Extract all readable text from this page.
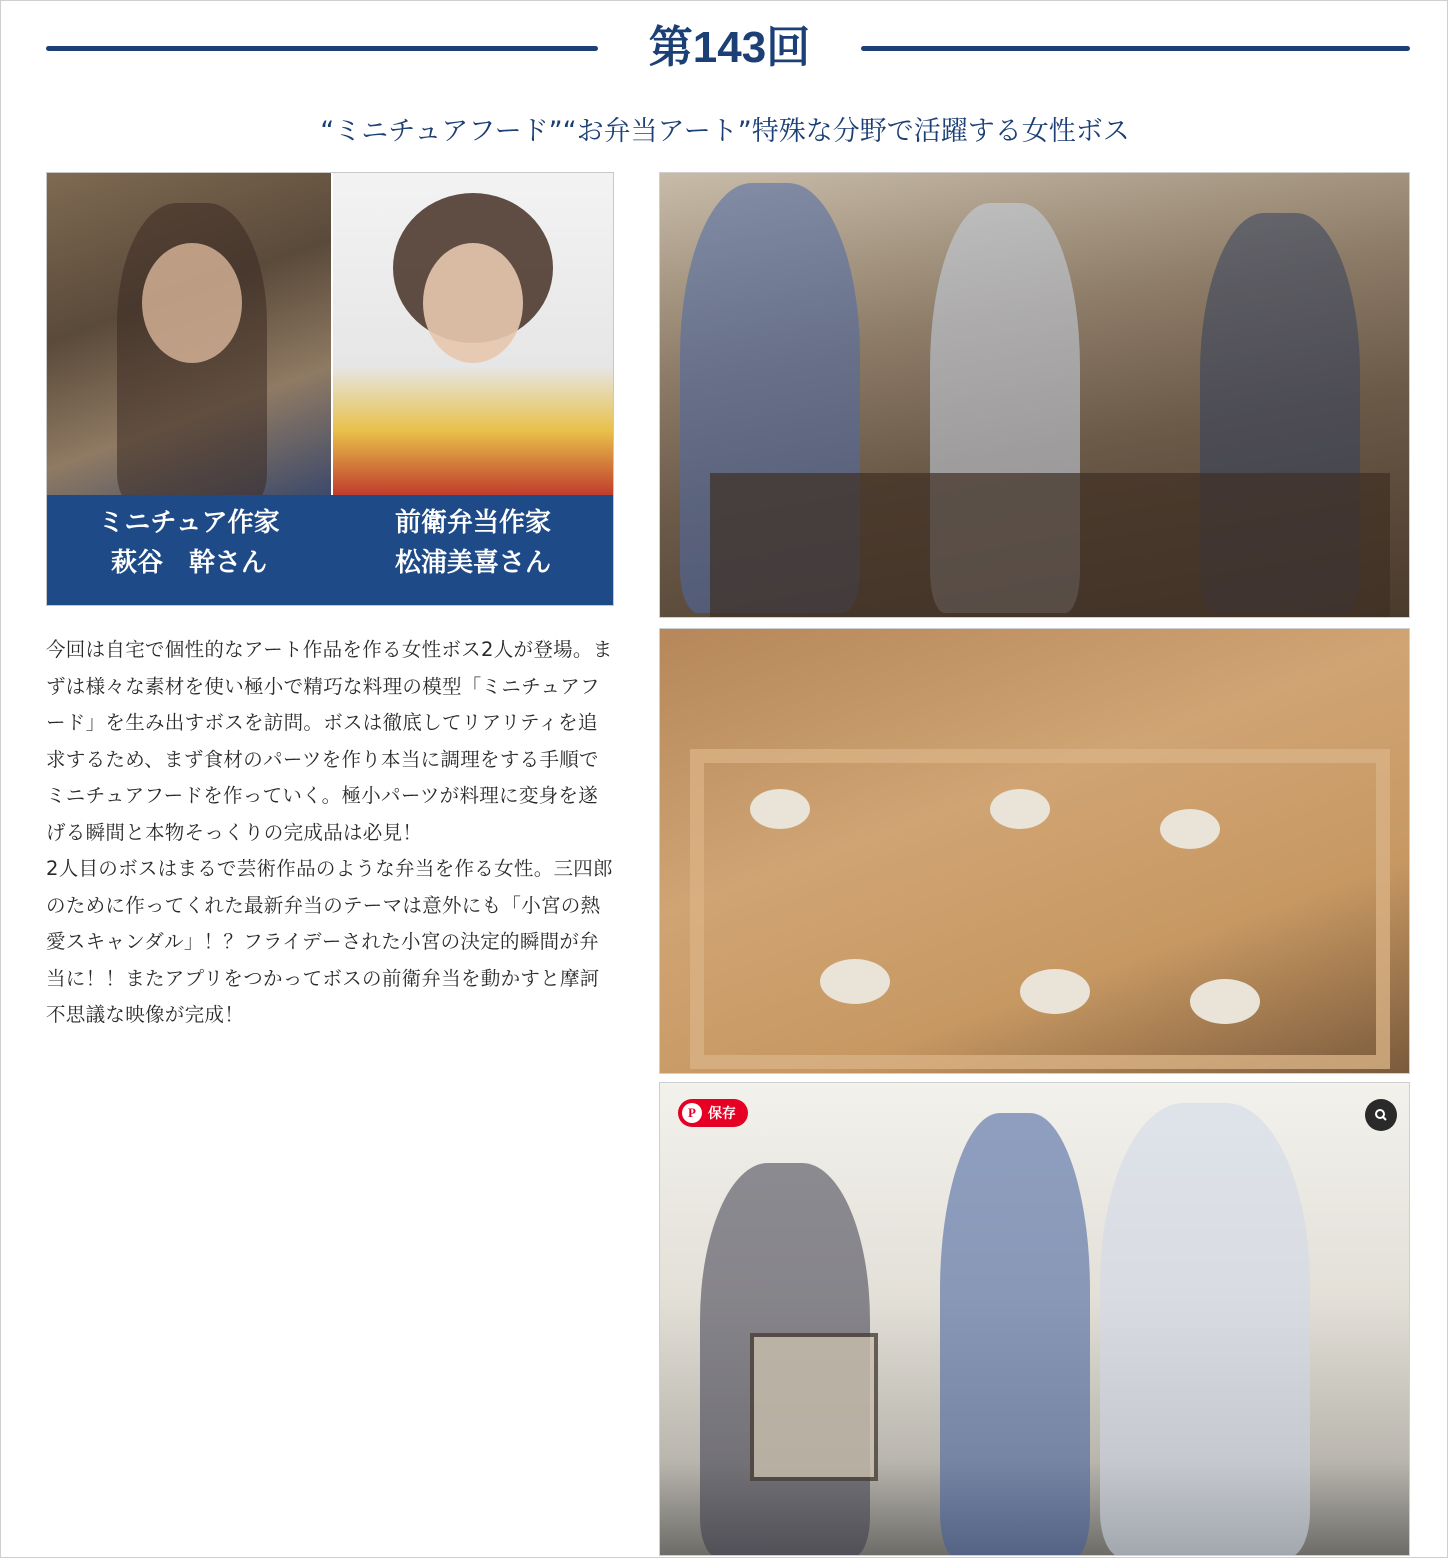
第143回
“ミニチュアフード”“お弁当アート”特殊な分野で活躍する女性ボス
ミニチュア作家
萩谷　幹さん
前衛弁当作家
松浦美喜さん

今回は自宅で個性的なアート作品を作る女性ボス2人が登場。まずは様々な素材を使い極小で精巧な料理の模型「ミニチュアフード」を生み出すボスを訪問。ボスは徹底してリアリティを追求するため、まず食材のパーツを作り本当に調理をする手順でミニチュアフードを作っていく。極小パーツが料理に変身を遂げる瞬間と本物そっくりの完成品は必見！

2人目のボスはまるで芸術作品のような弁当を作る女性。三四郎のために作ってくれた最新弁当のテーマは意外にも「小宮の熱愛スキャンダル」！？フライデーされた小宮の決定的瞬間が弁当に！！またアプリをつかってボスの前衛弁当を動かすと摩訶不思議な映像が完成！

P 保存
